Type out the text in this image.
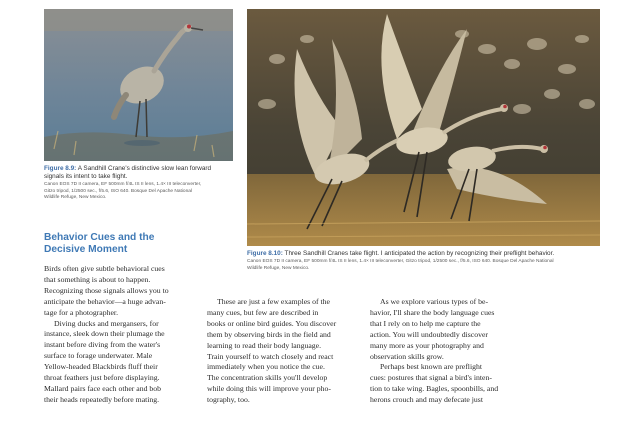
Figure 8.9: A Sandhill Crane's distinctive slow lean forward
signals its intent to take flight.
Canon EOS 7D II camera, EF 500mm f/4L IS II lens, 1.4× III teleconverter,
Gitzo tripod, 1/2500 sec., f/5.6, ISO 640. Bosque Del Apache National
Wildlife Refuge, New Mexico.
Figure 8.10: Three Sandhill Cranes take flight. I anticipated the action by recognizing their preflight behavior.
Canon EOS 7D II camera, EF 500mm f/4L IS II lens, 1.4× III teleconverter, Gitzo tripod, 1/2500 sec., f/5.6, ISO 640. Bosque Del Apache National
Wildlife Refuge, New Mexico.
Behavior Cues and the
Decisive Moment

Birds often give subtle behavioral cues
that something is about to happen.
Recognizing those signals allows you to
anticipate the behavior—a huge advan-
tage for a photographer.

Diving ducks and mergansers, for
instance, sleek down their plumage the
instant before diving from the water's
surface to forage underwater. Male
Yellow-headed Blackbirds fluff their
throat feathers just before displaying.
Mallard pairs face each other and bob
their heads repeatedly before mating.

These are just a few examples of the
many cues, but few are described in
books or online bird guides. You discover
them by observing birds in the field and
learning to read their body language.
Train yourself to watch closely and react
immediately when you notice the cue.
The concentration skills you'll develop
while doing this will improve your pho-
tography, too.

As we explore various types of be-
havior, I'll share the body language cues
that I rely on to help me capture the
action. You will undoubtedly discover
many more as your photography and
observation skills grow.

Perhaps best known are preflight
cues: postures that signal a bird's inten-
tion to take wing. Bagles, spoonbills, and
herons crouch and may defecate just
